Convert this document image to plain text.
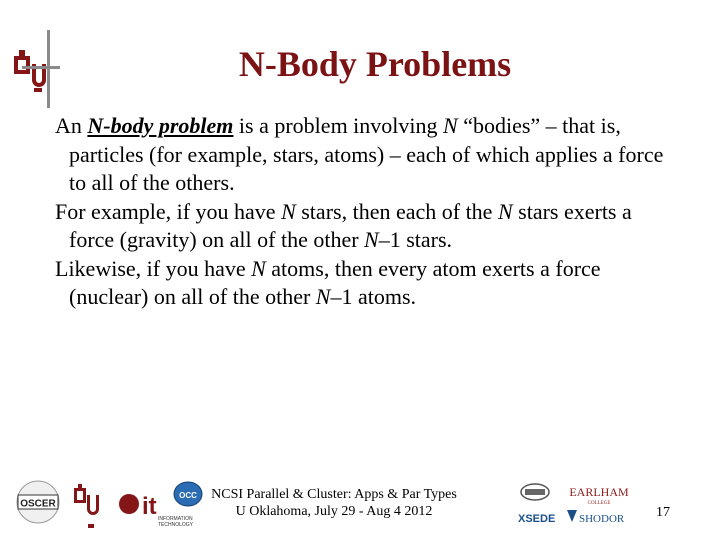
N-Body Problems
An N-body problem is a problem involving N “bodies” – that is, particles (for example, stars, atoms) – each of which applies a force to all of the others.
For example, if you have N stars, then each of the N stars exerts a force (gravity) on all of the other N–1 stars.
Likewise, if you have N atoms, then every atom exerts a force (nuclear) on all of the other N–1 atoms.
OSCER	it INFORMATION
TECHNOLOGY
OCC	NCSI Parallel & Cluster: Apps & Par Types
U Oklahoma, July 29 - Aug 4 2012
EARLHAM
COLLEGE
XSEDE SHODOR	17
